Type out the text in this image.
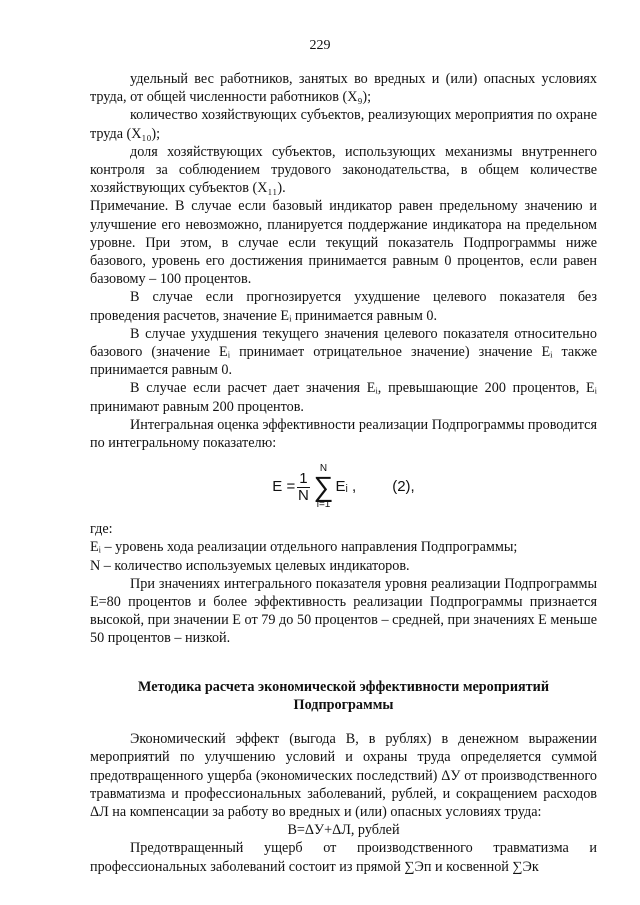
229

удельный вес работников, занятых во вредных и (или) опасных условиях труда, от общей численности работников (X₉);

количество хозяйствующих субъектов, реализующих мероприятия по охране труда (X₁₀);

доля хозяйствующих субъектов, использующих механизмы внутреннего контроля за соблюдением трудового законодательства, в общем количестве хозяйствующих субъектов (X₁₁).

Примечание. В случае если базовый индикатор равен предельному значению и улучшение его невозможно, планируется поддержание индикатора на предельном уровне. При этом, в случае если текущий показатель Подпрограммы ниже базового, уровень его достижения принимается равным 0 процентов, если равен базовому – 100 процентов.

В случае если прогнозируется ухудшение целевого показателя без проведения расчетов, значение Eᵢ принимается равным 0.

В случае ухудшения текущего значения целевого показателя относительно базового (значение Eᵢ принимает отрицательное значение) значение Eᵢ также принимается равным 0.

В случае если расчет дает значения Eᵢ, превышающие 200 процентов, Eᵢ принимают равным 200 процентов.

Интегральная оценка эффективности реализации Подпрограммы проводится по интегральному показателю:

$E = \frac{1}{N}$
N
∑
i=1
Eᵢ , (2),

где:

Eᵢ – уровень хода реализации отдельного направления Подпрограммы;

N – количество используемых целевых индикаторов.

При значениях интегрального показателя уровня реализации Подпрограммы E=80 процентов и более эффективность реализации Подпрограммы признается высокой, при значении E от 79 до 50 процентов – средней, при значениях E меньше 50 процентов – низкой.

Методика расчета экономической эффективности мероприятий
Подпрограммы

Экономический эффект (выгода В, в рублях) в денежном выражении мероприятий по улучшению условий и охраны труда определяется суммой предотвращенного ущерба (экономических последствий) ΔУ от производственного травматизма и профессиональных заболеваний, рублей, и сокращением расходов ΔЛ на компенсации за работу во вредных и (или) опасных условиях труда:

В=ΔУ+ΔЛ, рублей

Предотвращенный ущерб от производственного травматизма и профессиональных заболеваний состоит из прямой ∑Эп и косвенной ∑Эк
